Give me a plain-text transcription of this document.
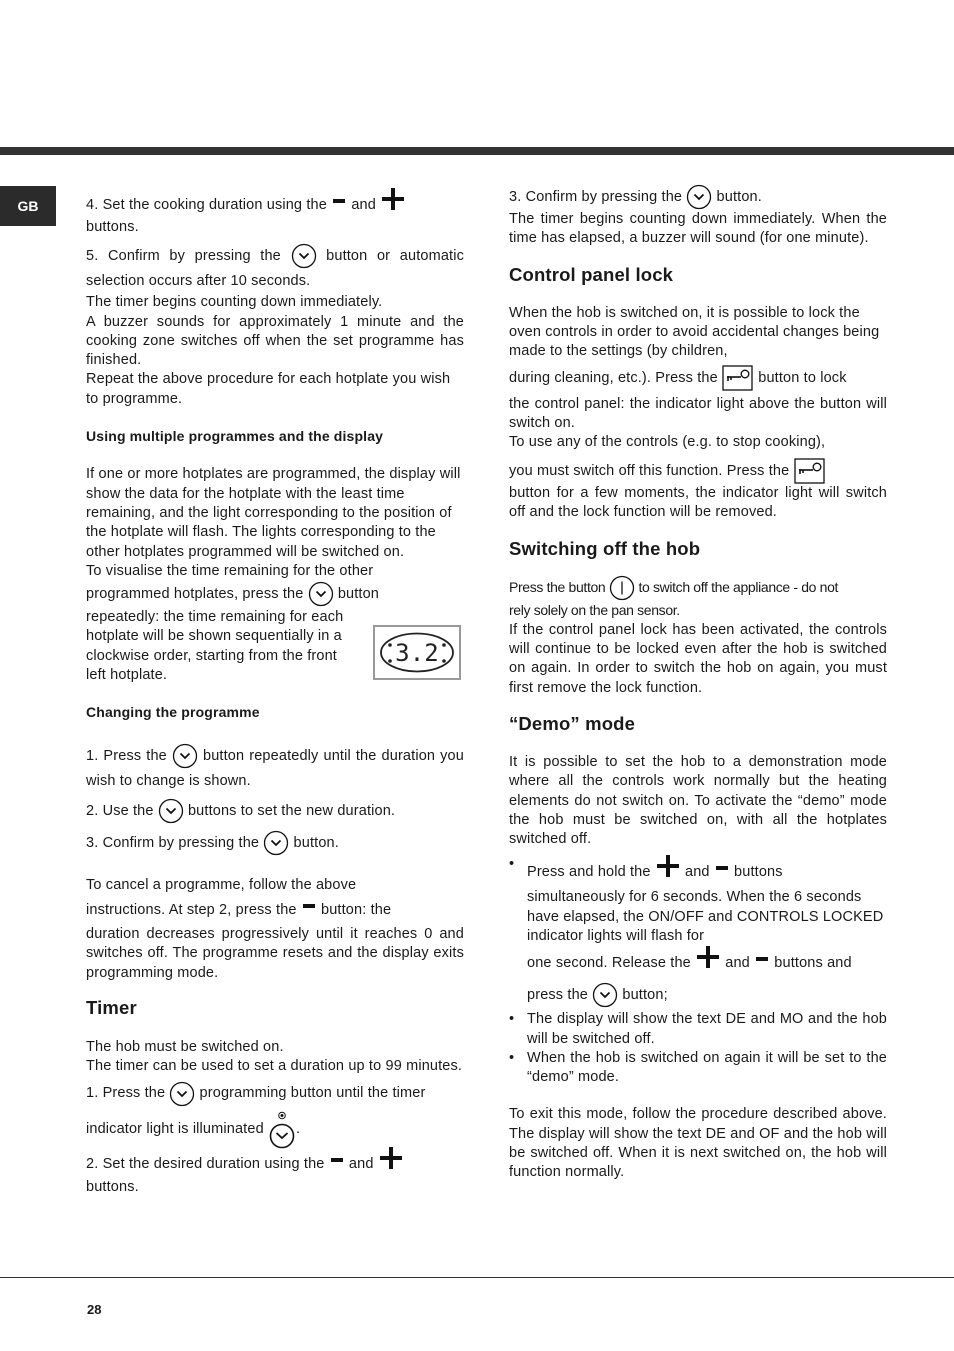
GB	4. Set the cooking duration using the and

buttons.

5. Confirm by pressing the	button or automatic selection occurs after 10 seconds.

The timer begins counting down immediately.

A buzzer sounds for approximately 1 minute and the cooking zone switches off when the set programme has finished.

Repeat the above procedure for each hotplate you wish to programme.

Using multiple programmes and the display

If one or more hotplates are programmed, the display will show the data for the hotplate with the least time remaining, and the light corresponding to the position of the hotplate will flash. The lights corresponding to the other hotplates programmed will be switched on.

To visualise the time remaining for the other

programmed hotplates, press the button

repeatedly: the time remaining for each hotplate will be shown sequentially in a clockwise order, starting from the front left hotplate.

Changing the programme

1. Press the button repeatedly until the duration you wish to change is shown.

2. Use the buttons to set the new duration.

3. Confirm by pressing the button.

To cancel a programme, follow the above

instructions. At step 2, press the button: the

duration decreases progressively until it reaches 0 and switches off. The programme resets and the display exits programming mode.

Timer

The hob must be switched on.

The timer can be used to set a duration up to 99 minutes.

1. Press the programming button until the timer

indicator light is illuminated .

2. Set the desired duration using the and

buttons.

3.2

3. Confirm by pressing the button.

The timer begins counting down immediately. When the time has elapsed, a buzzer will sound (for one minute).

Control panel lock

When the hob is switched on, it is possible to lock the oven controls in order to avoid accidental changes being made to the settings (by children,

during cleaning, etc.). Press the	button to lock

the control panel: the indicator light above the button will switch on.

To use any of the controls (e.g. to stop cooking),

you must switch off this function. Press the

button for a few moments, the indicator light will switch off and the lock function will be removed.

Switching off the hob

Press the button to switch off the appliance - do not

rely solely on the pan sensor.

If the control panel lock has been activated, the controls will continue to be locked even after the hob is switched on again. In order to switch the hob on again, you must first remove the lock function.

“Demo” mode

It is possible to set the hob to a demonstration mode where all the controls work normally but the heating elements do not switch on. To activate the “demo” mode the hob must be switched on, with all the hotplates switched off.

• Press and hold the and buttons

simultaneously for 6 seconds. When the 6 seconds have elapsed, the ON/OFF and CONTROLS LOCKED indicator lights will flash for

one second. Release the and buttons and

press the button;

• The display will show the text DE and MO and the hob will be switched off.

• When the hob is switched on again it will be set to the “demo” mode.

To exit this mode, follow the procedure described above. The display will show the text DE and OF and the hob will be switched off. When it is next switched on, the hob will function normally.

28
